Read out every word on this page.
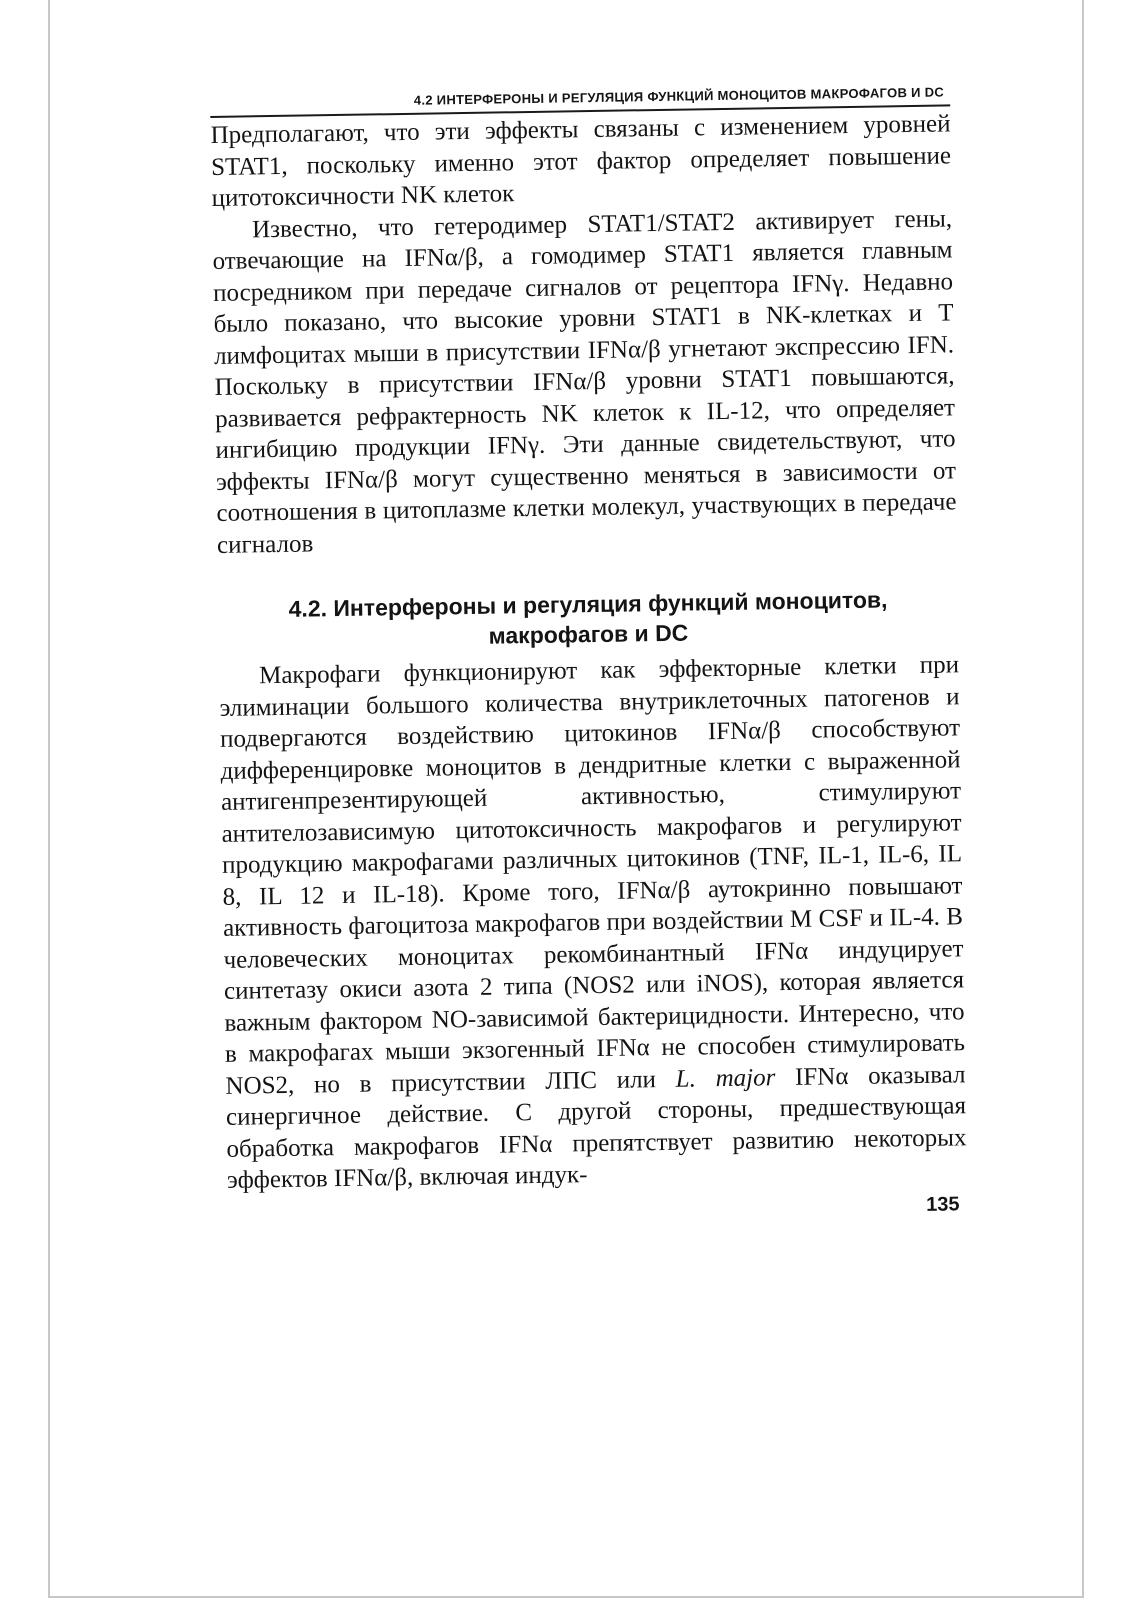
4.2 ИНТЕРФЕРОНЫ И РЕГУЛЯЦИЯ ФУНКЦИЙ МОНОЦИТОВ МАКРОФАГОВ И DC

Предполагают, что эти эффекты связаны с изменением уровней STAT1, поскольку именно этот фактор определяет повышение цитотоксичности NK клеток

Известно, что гетеродимер STAT1/STAT2 активирует гены, отвечающие на IFNα/β, а гомодимер STAT1 является главным посредником при передаче сигналов от рецептора IFNγ. Недавно было показано, что высокие уровни STAT1 в NK-клетках и T лимфоцитах мыши в присутствии IFNα/β угнетают экспрессию IFN. Поскольку в присутствии IFNα/β уровни STAT1 повышаются, развивается рефрактерность NK клеток к IL-12, что определяет ингибицию продукции IFNγ. Эти данные свидетельствуют, что эффекты IFNα/β могут существенно меняться в зависимости от соотношения в цитоплазме клетки молекул, участвующих в передаче сигналов

4.2. Интерфероны и регуляция функций моноцитов,
макрофагов и DC

Макрофаги функционируют как эффекторные клетки при элиминации большого количества внутриклеточных патогенов и подвергаются воздействию цитокинов IFNα/β способствуют дифференцировке моноцитов в дендритные клетки с выраженной антигенпрезентирующей активностью, стимулируют антителозависимую цитотоксичность макрофагов и регулируют продукцию макрофагами различных цитокинов (TNF, IL-1, IL-6, IL 8, IL 12 и IL-18). Кроме того, IFNα/β аутокринно повышают активность фагоцитоза макрофагов при воздействии M CSF и IL-4. В человеческих моноцитах рекомбинантный IFNα индуцирует синтетазу окиси азота 2 типа (NOS2 или iNOS), которая является важным фактором NO-зависимой бактерицидности. Интересно, что в макрофагах мыши экзогенный IFNα не способен стимулировать NOS2, но в присутствии ЛПС или L. major IFNα оказывал синергичное действие. С другой стороны, предшествующая обработка макрофагов IFNα препятствует развитию некоторых эффектов IFNα/β, включая индук-

135
